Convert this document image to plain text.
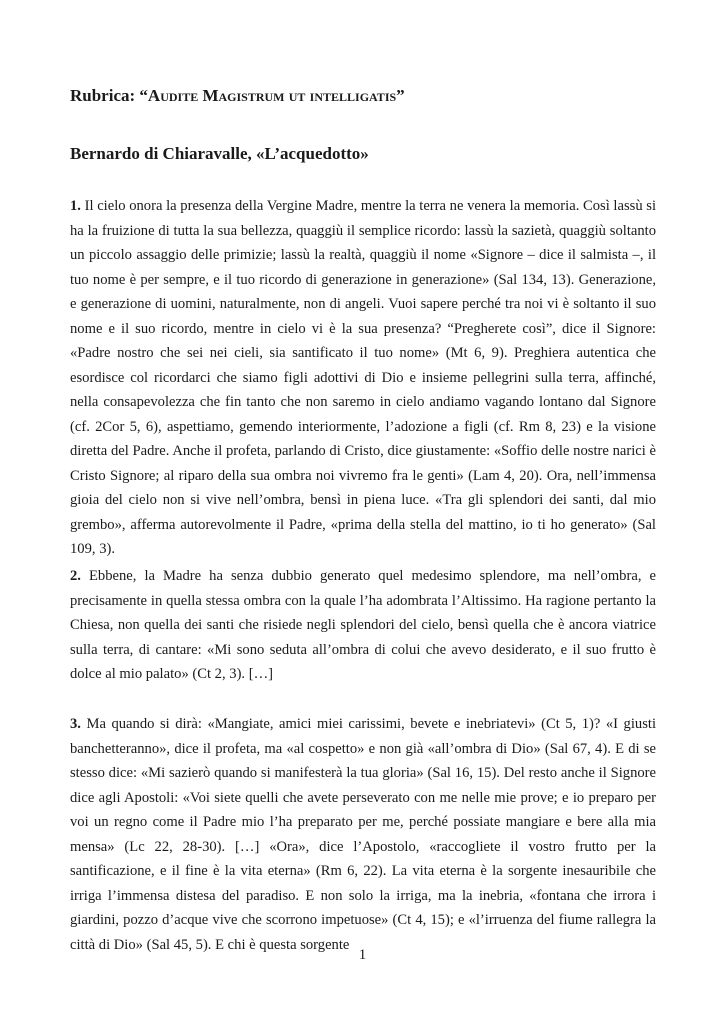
Rubrica: “Audite Magistrum ut intelligatis”
Bernardo di Chiaravalle, «L’acquedotto»

1. Il cielo onora la presenza della Vergine Madre, mentre la terra ne venera la memoria. Così lassù si ha la fruizione di tutta la sua bellezza, quaggiù il semplice ricordo: lassù la sazietà, quaggiù soltanto un piccolo assaggio delle primizie; lassù la realtà, quaggiù il nome «Signore – dice il salmista –, il tuo nome è per sempre, e il tuo ricordo di generazione in generazione» (Sal 134, 13). Generazione, e generazione di uomini, naturalmente, non di angeli. Vuoi sapere perché tra noi vi è soltanto il suo nome e il suo ricordo, mentre in cielo vi è la sua presenza? “Pregherete così”, dice il Signore: «Padre nostro che sei nei cieli, sia santificato il tuo nome» (Mt 6, 9). Preghiera autentica che esordisce col ricordarci che siamo figli adottivi di Dio e insieme pellegrini sulla terra, affinché, nella consapevolezza che fin tanto che non saremo in cielo andiamo vagando lontano dal Signore (cf. 2Cor 5, 6), aspettiamo, gemendo interiormente, l’adozione a figli (cf. Rm 8, 23) e la visione diretta del Padre. Anche il profeta, parlando di Cristo, dice giustamente: «Soffio delle nostre narici è Cristo Signore; al riparo della sua ombra noi vivremo fra le genti» (Lam 4, 20). Ora, nell’immensa gioia del cielo non si vive nell’ombra, bensì in piena luce. «Tra gli splendori dei santi, dal mio grembo», afferma autorevolmente il Padre, «prima della stella del mattino, io ti ho generato» (Sal 109, 3).

2. Ebbene, la Madre ha senza dubbio generato quel medesimo splendore, ma nell’ombra, e precisamente in quella stessa ombra con la quale l’ha adombrata l’Altissimo. Ha ragione pertanto la Chiesa, non quella dei santi che risiede negli splendori del cielo, bensì quella che è ancora viatrice sulla terra, di cantare: «Mi sono seduta all’ombra di colui che avevo desiderato, e il suo frutto è dolce al mio palato» (Ct 2, 3). […]

3. Ma quando si dirà: «Mangiate, amici miei carissimi, bevete e inebriatevi» (Ct 5, 1)? «I giusti banchetteranno», dice il profeta, ma «al cospetto» e non già «all’ombra di Dio» (Sal 67, 4). E di se stesso dice: «Mi sazierò quando si manifesterà la tua gloria» (Sal 16, 15). Del resto anche il Signore dice agli Apostoli: «Voi siete quelli che avete perseverato con me nelle mie prove; e io preparo per voi un regno come il Padre mio l’ha preparato per me, perché possiate mangiare e bere alla mia mensa» (Lc 22, 28-30). […] «Ora», dice l’Apostolo, «raccogliete il vostro frutto per la santificazione, e il fine è la vita eterna» (Rm 6, 22). La vita eterna è la sorgente inesauribile che irriga l’immensa distesa del paradiso. E non solo la irriga, ma la inebria, «fontana che irrora i giardini, pozzo d’acque vive che scorrono impetuose» (Ct 4, 15); e «l’irruenza del fiume rallegra la città di Dio» (Sal 45, 5). E chi è questa sorgente

1
